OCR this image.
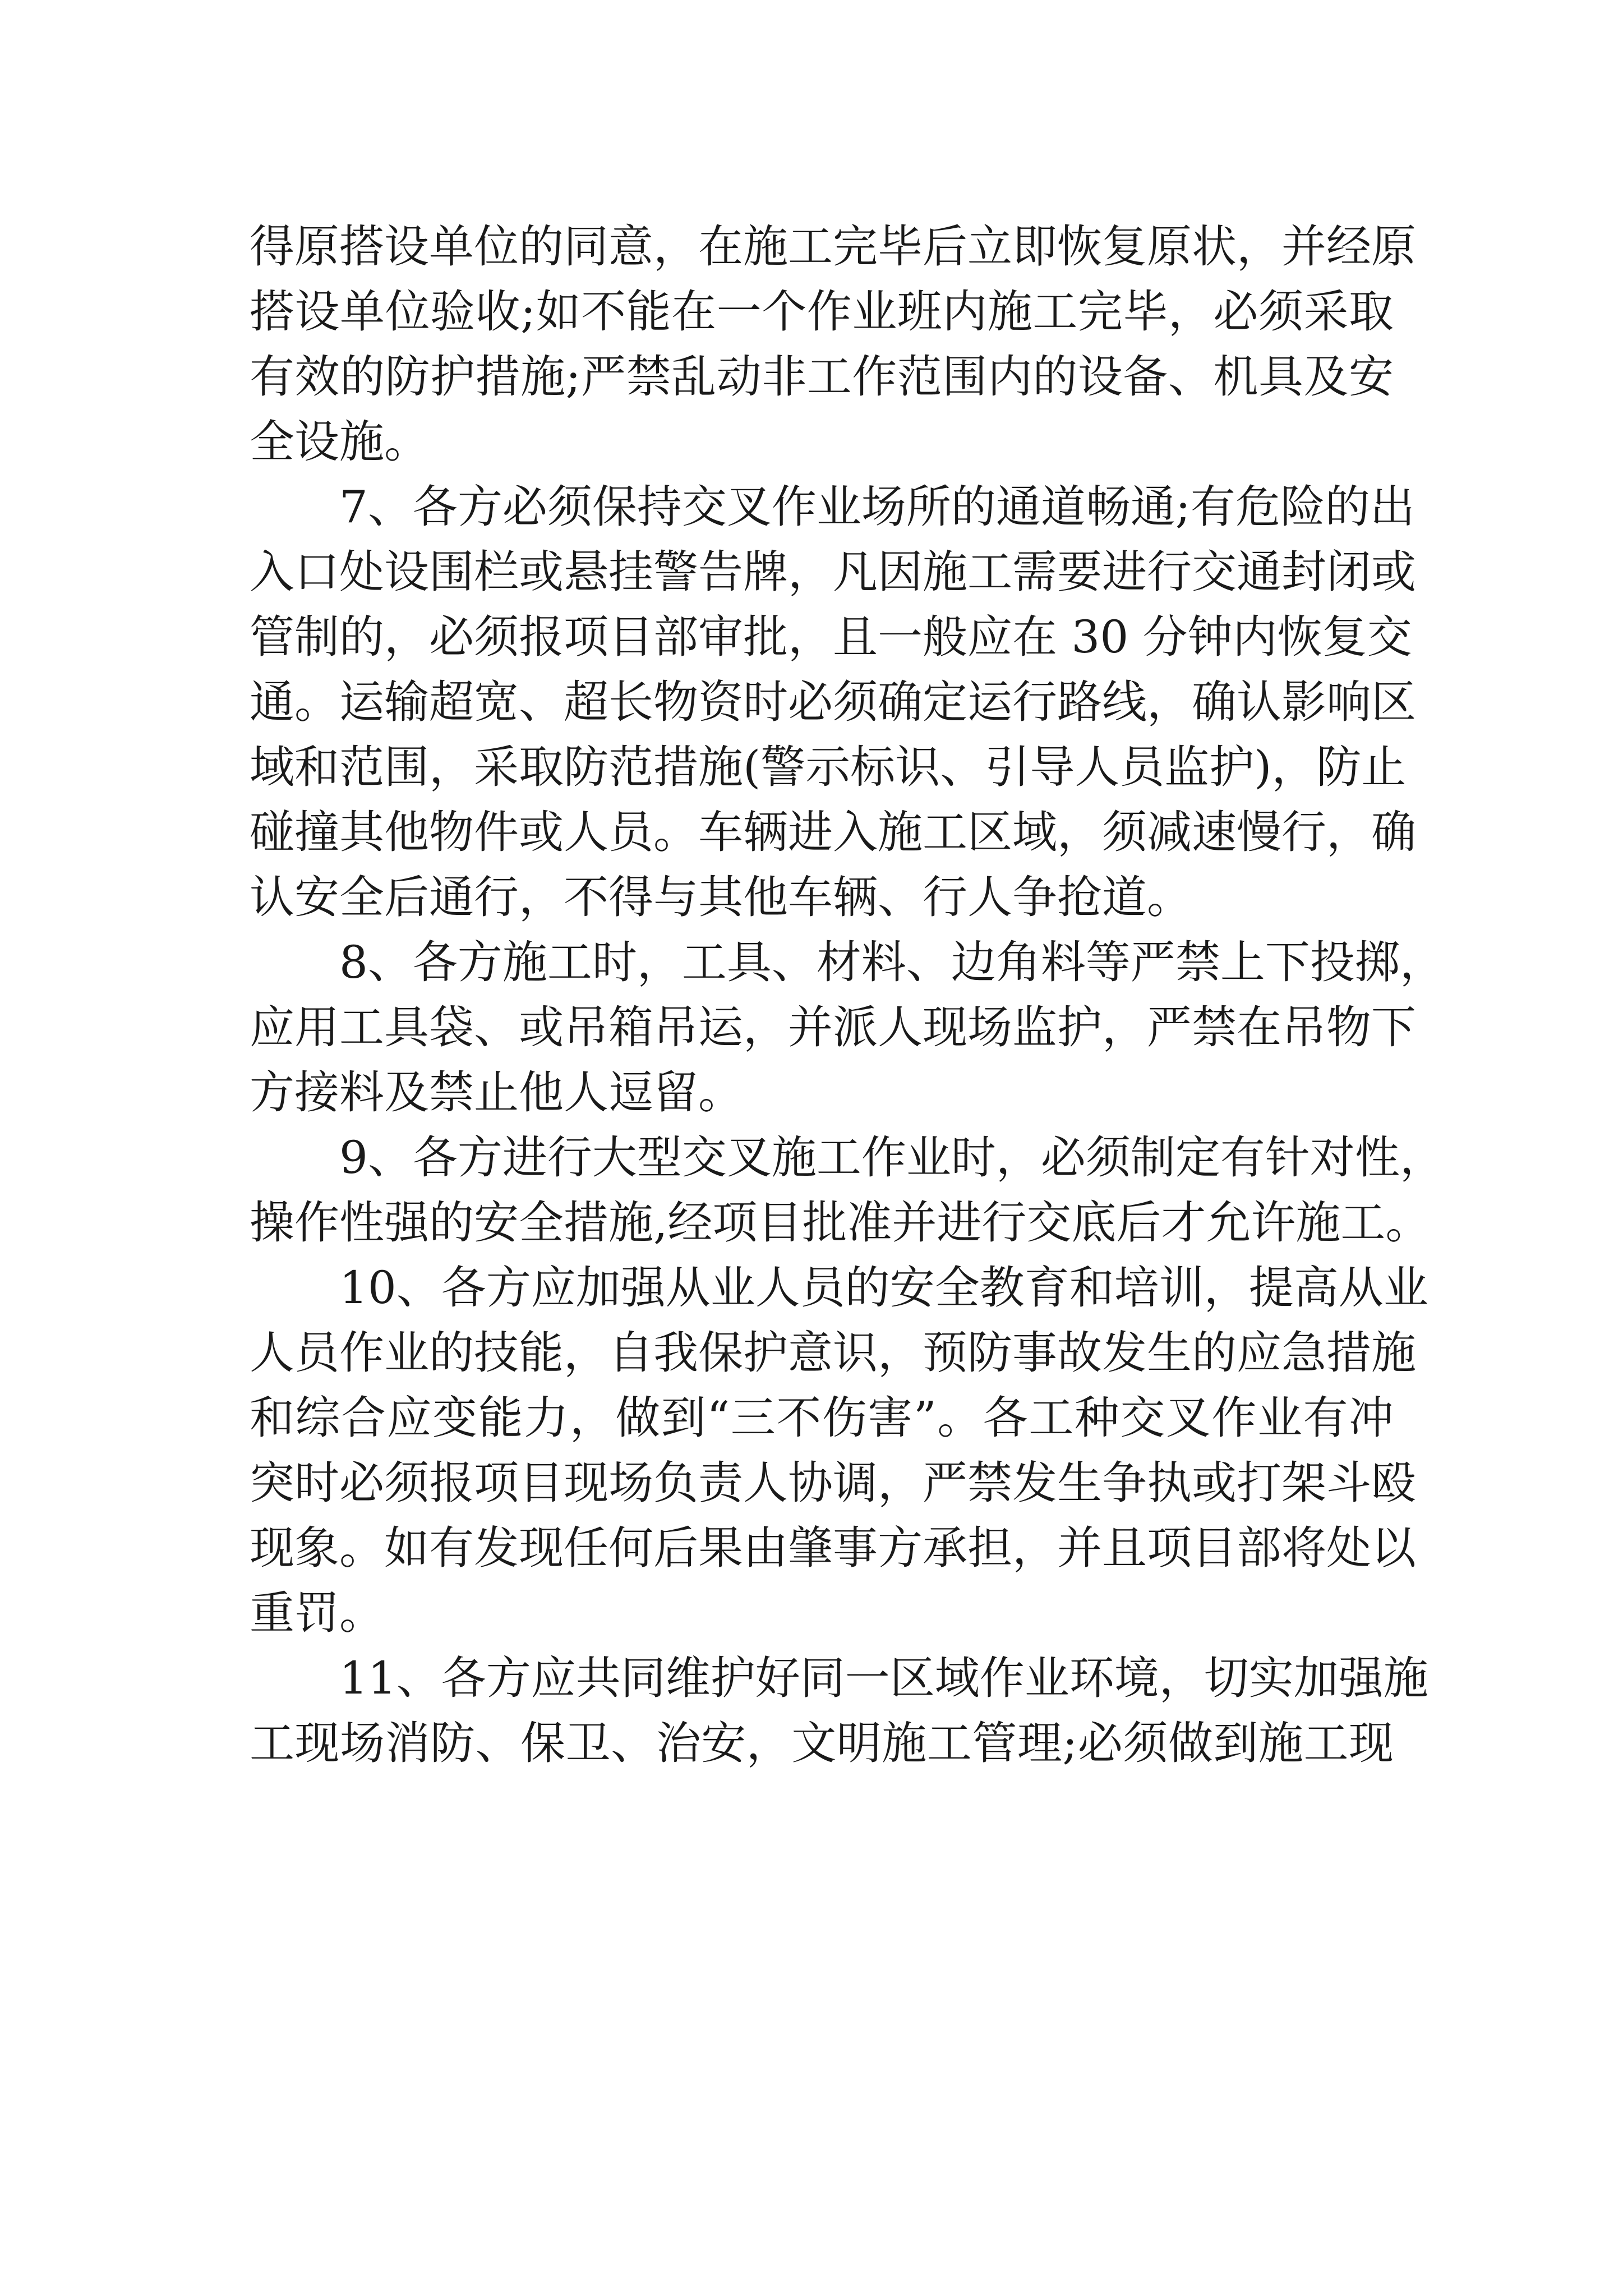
得原搭设单位的同意，在施工完毕后立即恢复原状，并经原
搭设单位验收;如不能在一个作业班内施工完毕，必须采取
有效的防护措施;严禁乱动非工作范围内的设备、机具及安
全设施。
7、各方必须保持交叉作业场所的通道畅通;有危险的出
入口处设围栏或悬挂警告牌，凡因施工需要进行交通封闭或
管制的，必须报项目部审批，且一般应在 30 分钟内恢复交
通。运输超宽、超长物资时必须确定运行路线，确认影响区
域和范围，采取防范措施(警示标识、引导人员监护)，防止
碰撞其他物件或人员。车辆进入施工区域，须减速慢行，确
认安全后通行，不得与其他车辆、行人争抢道。
8、各方施工时，工具、材料、边角料等严禁上下投掷，
应用工具袋、或吊箱吊运，并派人现场监护，严禁在吊物下
方接料及禁止他人逗留。
9、各方进行大型交叉施工作业时，必须制定有针对性，
操作性强的安全措施,经项目批准并进行交底后才允许施工。
10、各方应加强从业人员的安全教育和培训，提高从业
人员作业的技能，自我保护意识，预防事故发生的应急措施
和综合应变能力，做到“三不伤害”。各工种交叉作业有冲
突时必须报项目现场负责人协调，严禁发生争执或打架斗殴
现象。如有发现任何后果由肇事方承担，并且项目部将处以
重罚。
11、各方应共同维护好同一区域作业环境，切实加强施
工现场消防、保卫、治安，文明施工管理;必须做到施工现
